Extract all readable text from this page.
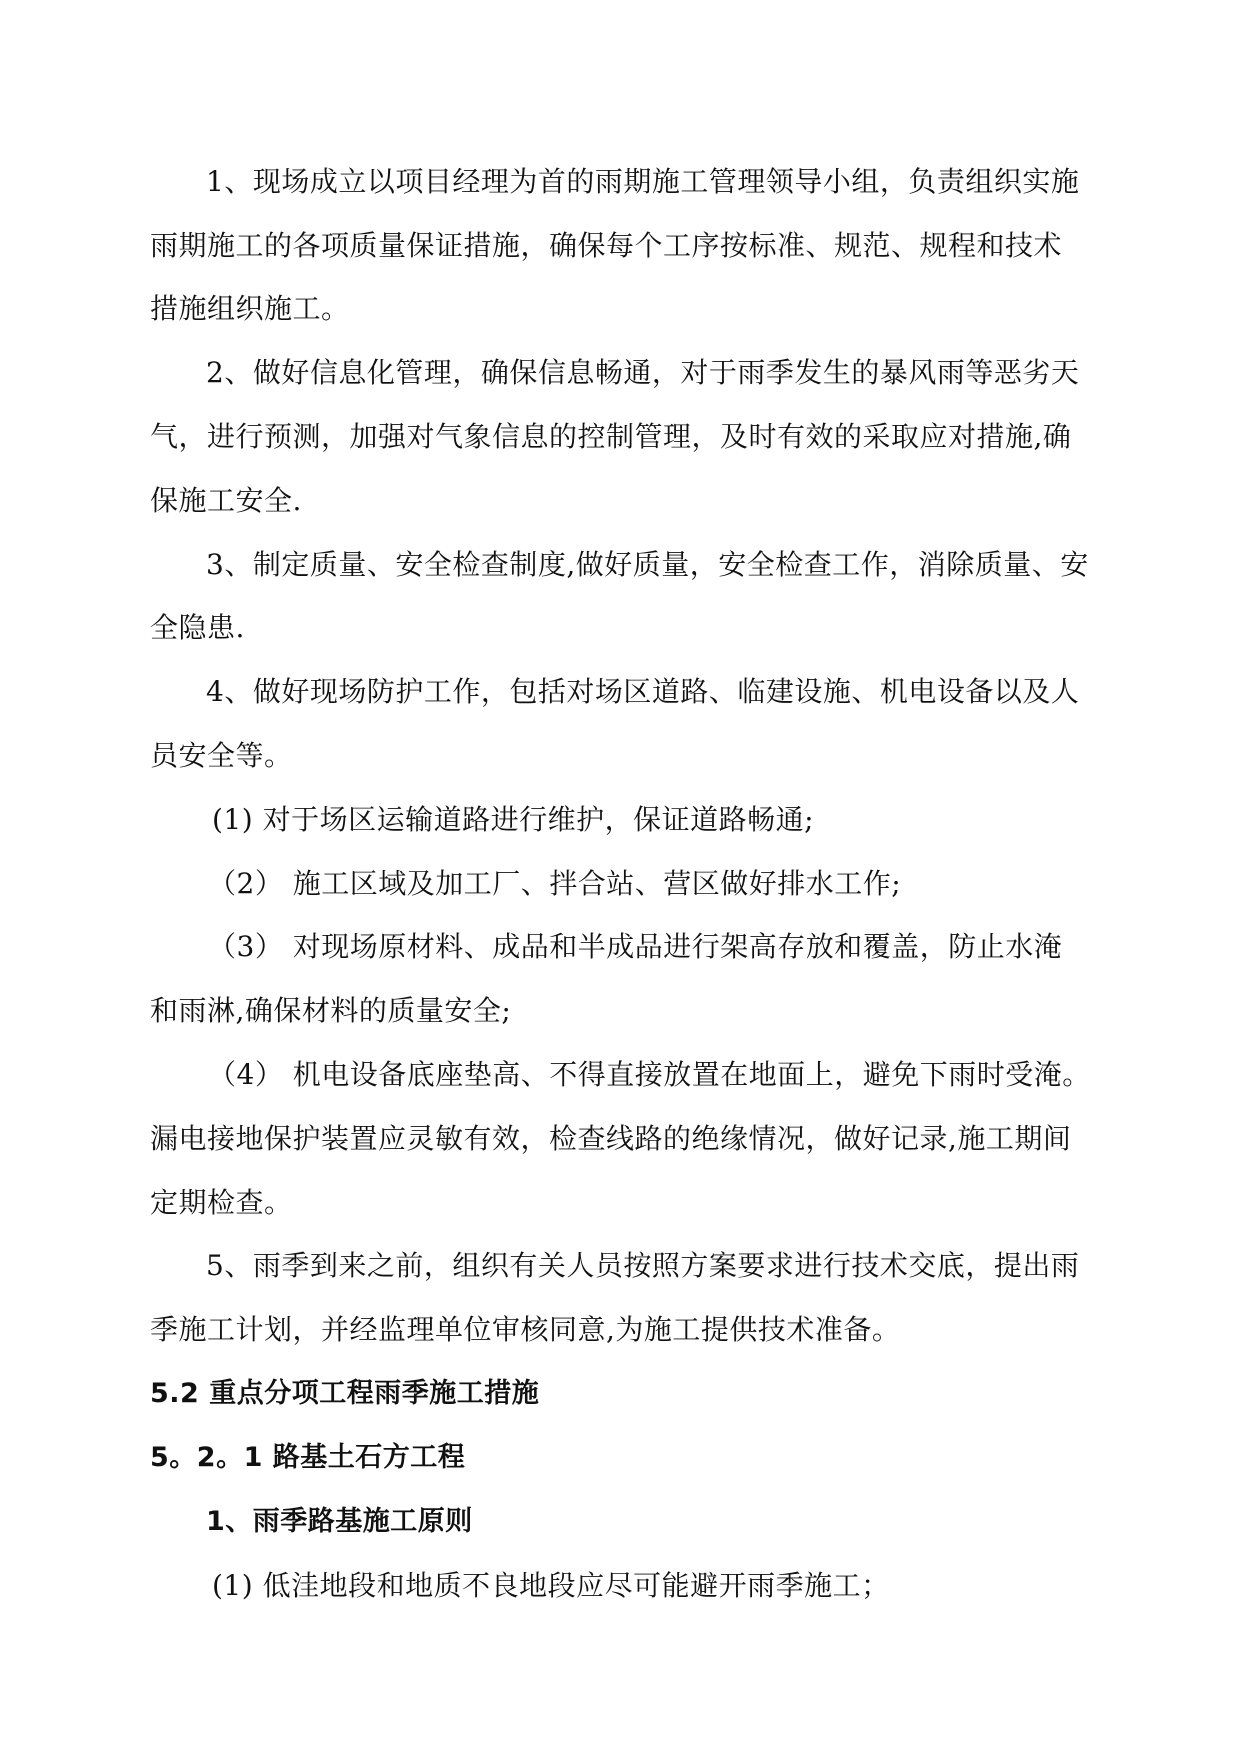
1、现场成立以项目经理为首的雨期施工管理领导小组，负责组织实施
雨期施工的各项质量保证措施，确保每个工序按标准、规范、规程和技术
措施组织施工。
2、做好信息化管理，确保信息畅通，对于雨季发生的暴风雨等恶劣天
气，进行预测，加强对气象信息的控制管理，及时有效的采取应对措施,确
保施工安全.
3、制定质量、安全检查制度,做好质量，安全检查工作，消除质量、安
全隐患.
4、做好现场防护工作，包括对场区道路、临建设施、机电设备以及人
员安全等。
(1) 对于场区运输道路进行维护，保证道路畅通;
（2） 施工区域及加工厂、拌合站、营区做好排水工作;
（3） 对现场原材料、成品和半成品进行架高存放和覆盖，防止水淹
和雨淋,确保材料的质量安全;
（4） 机电设备底座垫高、不得直接放置在地面上，避免下雨时受淹。
漏电接地保护装置应灵敏有效，检查线路的绝缘情况，做好记录,施工期间
定期检查。
5、雨季到来之前，组织有关人员按照方案要求进行技术交底，提出雨
季施工计划，并经监理单位审核同意,为施工提供技术准备。
5.2 重点分项工程雨季施工措施
5。2。1 路基土石方工程
1、雨季路基施工原则
(1) 低洼地段和地质不良地段应尽可能避开雨季施工；
